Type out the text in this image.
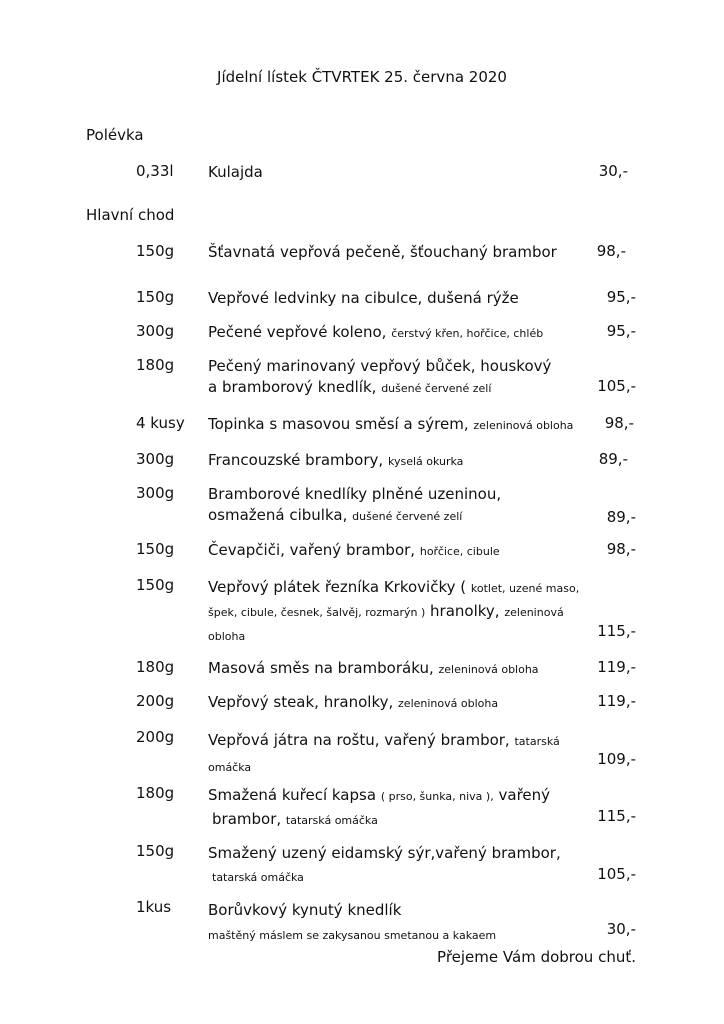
Jídelní lístek ČTVRTEK 25. června 2020
Polévka
0,33l Kulajda	30,-
Hlavní chod
150g Šťavnatá vepřová pečeně, šťouchaný brambor	98,-
150g Vepřové ledvinky na cibulce, dušená rýže	95,-
300g Pečené vepřové koleno, čerstvý křen, hořčice, chléb	95,-
180g Pečený marinovaný vepřový bůček, houskový
a bramborový knedlík, dušené červené zelí	105,-
4 kusy Topinka s masovou směsí a sýrem, zeleninová obloha	98,-
300g Francouzské brambory, kyselá okurka	89,-
300g Bramborové knedlíky plněné uzeninou,
osmažená cibulka, dušené červené zelí	89,-
150g Čevapčiči, vařený brambor, hořčice, cibule	98,-
150g Vepřový plátek řezníka Krkovičky ( kotlet, uzené maso,
špek, cibule, česnek, šalvěj, rozmarýn ) hranolky, zeleninová
obloha	115,-
180g Masová směs na bramboráku, zeleninová obloha	119,-
200g Vepřový steak, hranolky, zeleninová obloha	119,-
200g Vepřová játra na roštu, vařený brambor, tatarská
omáčka	109,-
180g Smažená kuřecí kapsa ( prso, šunka, niva ), vařený
brambor, tatarská omáčka	115,-
150g Smažený uzený eidamský sýr,vařený brambor,
tatarská omáčka	105,-
1kus Borůvkový kynutý knedlík
maštěný máslem se zakysanou smetanou a kakaem	30,-
Přejeme Vám dobrou chuť.
